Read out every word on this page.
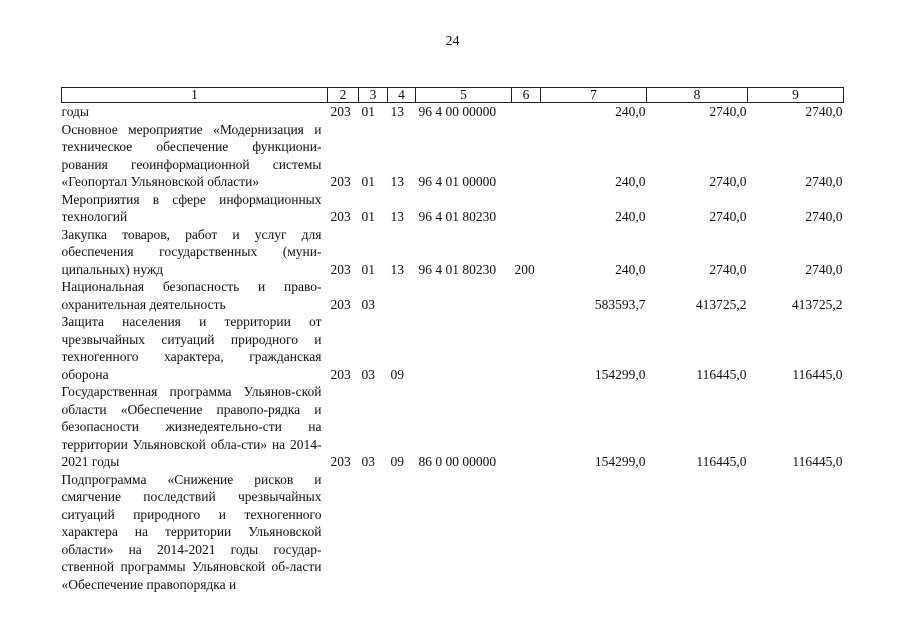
24
1	2	3	4	5	6	7	8	9
годы	203	01	13	96 4 00 00000		240,0	2740,0	2740,0
Основное мероприятие «Модернизация и техническое обеспечение функциони-рования геоинформационной системы «Геопортал Ульяновской области»	203	01	13	96 4 01 00000		240,0	2740,0	2740,0
Мероприятия в сфере информационных технологий	203	01	13	96 4 01 80230		240,0	2740,0	2740,0
Закупка товаров, работ и услуг для обеспечения государственных (муни-ципальных) нужд	203	01	13	96 4 01 80230	200	240,0	2740,0	2740,0
Национальная безопасность и право-охранительная деятельность	203	03				583593,7	413725,2	413725,2
Защита населения и территории от чрезвычайных ситуаций природного и техногенного характера, гражданская оборона	203	03	09			154299,0	116445,0	116445,0
Государственная программа Ульянов-ской области «Обеспечение правопо-рядка и безопасности жизнедеятельно-сти на территории Ульяновской обла-сти» на 2014-2021 годы	203	03	09	86 0 00 00000		154299,0	116445,0	116445,0
Подпрограмма «Снижение рисков и смягчение последствий чрезвычайных ситуаций природного и техногенного характера на территории Ульяновской области» на 2014-2021 годы государ-ственной программы Ульяновской об-ласти «Обеспечение правопорядка и								
